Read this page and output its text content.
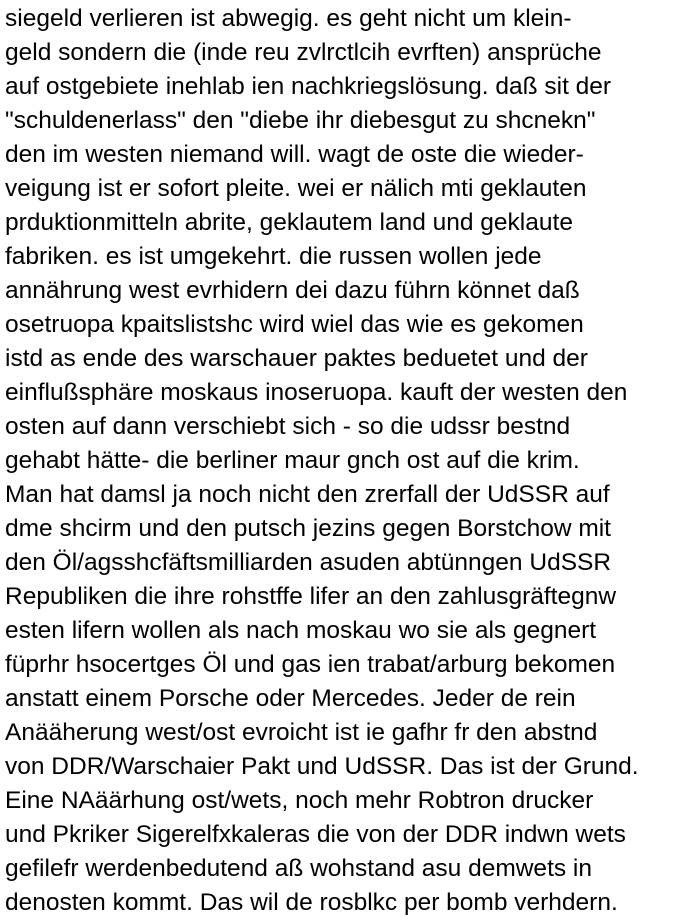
siegeld verlieren ist abwegig. es geht nicht um klein-
geld sondern die (inde reu zvlrctlcih evrften) ansprüche
auf ostgebiete inehlab ien nachkriegslösung. daß sit der
"schuldenerlass" den "diebe ihr diebesgut zu shcnekn"
den im westen niemand will. wagt de oste die wieder-
veigung ist er sofort pleite. wei er nälich mti geklauten
prduktionmitteln abrite, geklautem land und geklaute
fabriken. es ist umgekehrt. die russen wollen jede
annährung west evrhidern dei dazu führn könnet daß
osetruopa kpaitslistshc wird wiel das wie es gekomen
istd as ende des warschauer paktes beduetet und der
einflußsphäre moskaus inoseruopa. kauft der westen den
osten auf dann verschiebt sich - so die udssr bestnd
gehabt hätte- die berliner maur gnch ost auf die krim.
Man hat damsl ja noch nicht den zrerfall der UdSSR auf
dme shcirm und den putsch jezins gegen Borstchow mit
den Öl/agsshcfäftsmilliarden asuden abtünngen UdSSR
Republiken die ihre rohstffe lifer an den zahlusgräftegnw
esten lifern wollen als nach moskau wo sie als gegnert
füprhr hsocertges Öl und gas ien trabat/arburg bekomen
anstatt einem Porsche oder Mercedes. Jeder de rein
Anääherung west/ost evroicht ist ie gafhr fr den abstnd
von DDR/Warschaier Pakt und UdSSR. Das ist der Grund.
Eine NAäärhung ost/wets, noch mehr Robtron drucker
und Pkriker Sigerelfxkaleras die von der DDR indwn wets
gefilefr werdenbedutend aß wohstand asu demwets in
denosten kommt. Das wil de rosblkc per bomb verhdern.
